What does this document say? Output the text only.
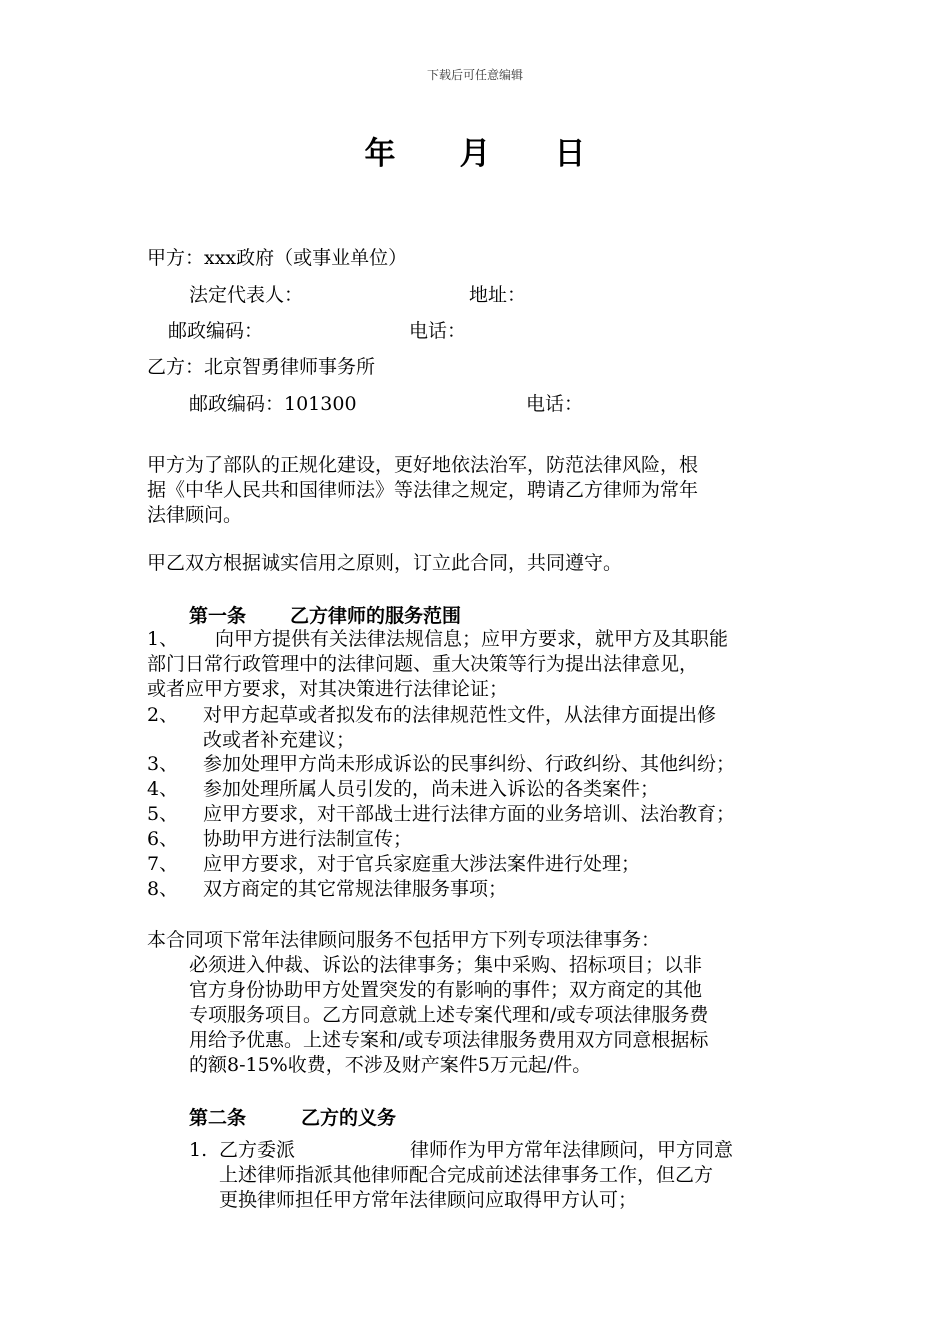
下载后可任意编辑
年 月 日
甲方：xxx政府（或事业单位）
法定代表人：	地址：
邮政编码：	电话：
乙方：北京智勇律师事务所
邮政编码：101300	电话：
甲方为了部队的正规化建设，更好地依法治军，防范法律风险，根
据《中华人民共和国律师法》等法律之规定，聘请乙方律师为常年
法律顾问。
甲乙双方根据诚实信用之原则，订立此合同，共同遵守。
第一条 乙方律师的服务范围
1、 向甲方提供有关法律法规信息；应甲方要求，就甲方及其职能
部门日常行政管理中的法律问题、重大决策等行为提出法律意见，
或者应甲方要求，对其决策进行法律论证；
2、 对甲方起草或者拟发布的法律规范性文件，从法律方面提出修
改或者补充建议；
3、 参加处理甲方尚未形成诉讼的民事纠纷、行政纠纷、其他纠纷；
4、 参加处理所属人员引发的，尚未进入诉讼的各类案件；
5、 应甲方要求，对干部战士进行法律方面的业务培训、法治教育；
6、 协助甲方进行法制宣传；
7、 应甲方要求，对于官兵家庭重大涉法案件进行处理；
8、 双方商定的其它常规法律服务事项；
本合同项下常年法律顾问服务不包括甲方下列专项法律事务：
必须进入仲裁、诉讼的法律事务；集中采购、招标项目；以非
官方身份协助甲方处置突发的有影响的事件；双方商定的其他
专项服务项目。乙方同意就上述专案代理和/或专项法律服务费
用给予优惠。上述专案和/或专项法律服务费用双方同意根据标
的额8-15%收费，不涉及财产案件5万元起/件。
第二条	乙方的义务
1. 乙方委派	律师作为甲方常年法律顾问，甲方同意
上述律师指派其他律师配合完成前述法律事务工作，但乙方
更换律师担任甲方常年法律顾问应取得甲方认可；
